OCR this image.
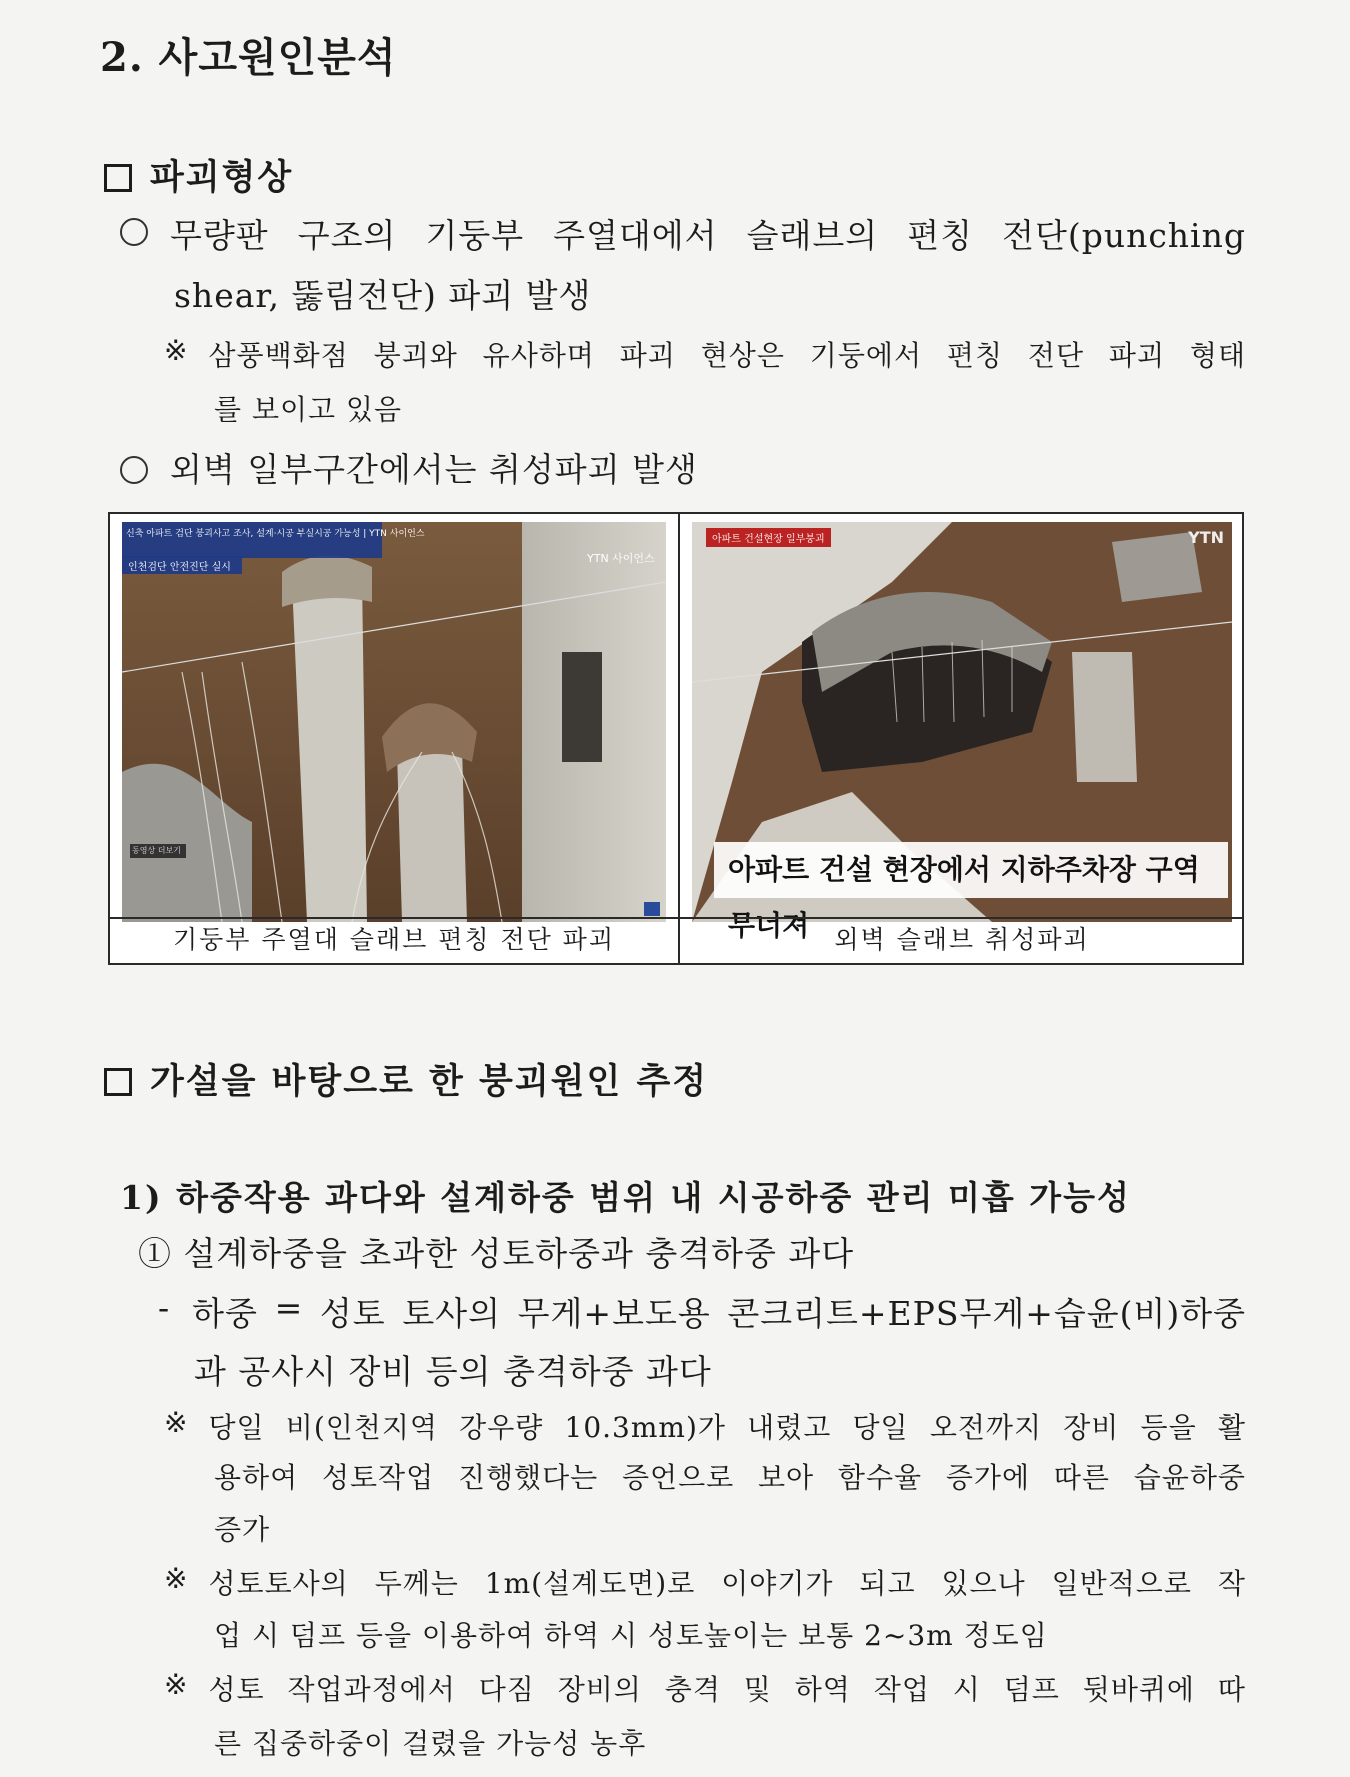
2. 사고원인분석
파괴형상
무량판 구조의 기둥부 주열대에서 슬래브의 편칭 전단(punching
shear, 뚫림전단) 파괴 발생
※ 삼풍백화점 붕괴와 유사하며 파괴 현상은 기둥에서 편칭 전단 파괴 형태
를 보이고 있음
외벽 일부구간에서는 취성파괴 발생
신축 아파트 검단 붕괴사고 조사, 설계·시공 부실시공 가능성 | YTN 사이언스
인천검단 안전진단 실시
YTN 사이언스
동영상 더보기
기둥부 주열대 슬래브 편칭 전단 파괴
아파트 건설현장 일부붕괴	YTN
아파트 건설 현장에서 지하주차장 구역 무너져	외벽 슬래브 취성파괴
가설을 바탕으로 한 붕괴원인 추정
1) 하중작용 과다와 설계하중 범위 내 시공하중 관리 미흡 가능성
① 설계하중을 초과한 성토하중과 충격하중 과다
- 하중 = 성토 토사의 무게+보도용 콘크리트+EPS무게+습윤(비)하중
과 공사시 장비 등의 충격하중 과다
※ 당일 비(인천지역 강우량 10.3mm)가 내렸고 당일 오전까지 장비 등을 활
용하여 성토작업 진행했다는 증언으로 보아 함수율 증가에 따른 습윤하중
증가
※ 성토토사의 두께는 1m(설계도면)로 이야기가 되고 있으나 일반적으로 작
업 시 덤프 등을 이용하여 하역 시 성토높이는 보통 2~3m 정도임
※ 성토 작업과정에서 다짐 장비의 충격 및 하역 작업 시 덤프 뒷바퀴에 따
른 집중하중이 걸렸을 가능성 농후
